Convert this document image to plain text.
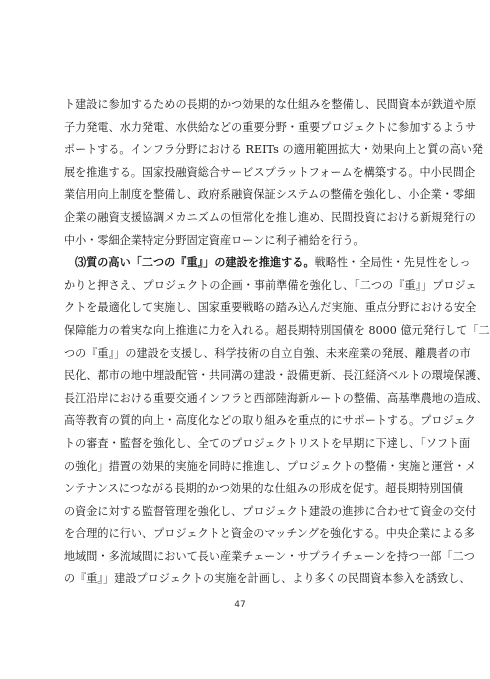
ト建設に参加するための長期的かつ効果的な仕組みを整備し、民間資本が鉄道や原
子力発電、水力発電、水供給などの重要分野・重要プロジェクトに参加するようサ
ポートする。インフラ分野における REITs の適用範囲拡大・効果向上と質の高い発
展を推進する。国家投融資総合サービスプラットフォームを構築する。中小民間企
業信用向上制度を整備し、政府系融資保証システムの整備を強化し、小企業・零細
企業の融資支援協調メカニズムの恒常化を推し進め、民間投資における新規発行の
中小・零細企業特定分野固定資産ローンに利子補給を行う。
⑶質の高い「二つの『重』」の建設を推進する。戦略性・全局性・先見性をしっ
かりと押さえ、プロジェクトの企画・事前準備を強化し、「二つの『重』」プロジェ
クトを最適化して実施し、国家重要戦略の踏み込んだ実施、重点分野における安全
保障能力の着実な向上推進に力を入れる。超長期特別国債を 8000 億元発行して「二
つの『重』」の建設を支援し、科学技術の自立自強、未来産業の発展、離農者の市
民化、都市の地中埋設配管・共同溝の建設・設備更新、長江経済ベルトの環境保護、
長江沿岸における重要交通インフラと西部陸海新ルートの整備、高基準農地の造成、
高等教育の質的向上・高度化などの取り組みを重点的にサポートする。プロジェク
トの審査・監督を強化し、全てのプロジェクトリストを早期に下達し、「ソフト面
の強化」措置の効果的実施を同時に推進し、プロジェクトの整備・実施と運営・メ
ンテナンスにつながる長期的かつ効果的な仕組みの形成を促す。超長期特別国債
の資金に対する監督管理を強化し、プロジェクト建設の進捗に合わせて資金の交付
を合理的に行い、プロジェクトと資金のマッチングを強化する。中央企業による多
地域間・多流域間において長い産業チェーン・サプライチェーンを持つ一部「二つ
の『重』」建設プロジェクトの実施を計画し、より多くの民間資本参入を誘致し、
47
